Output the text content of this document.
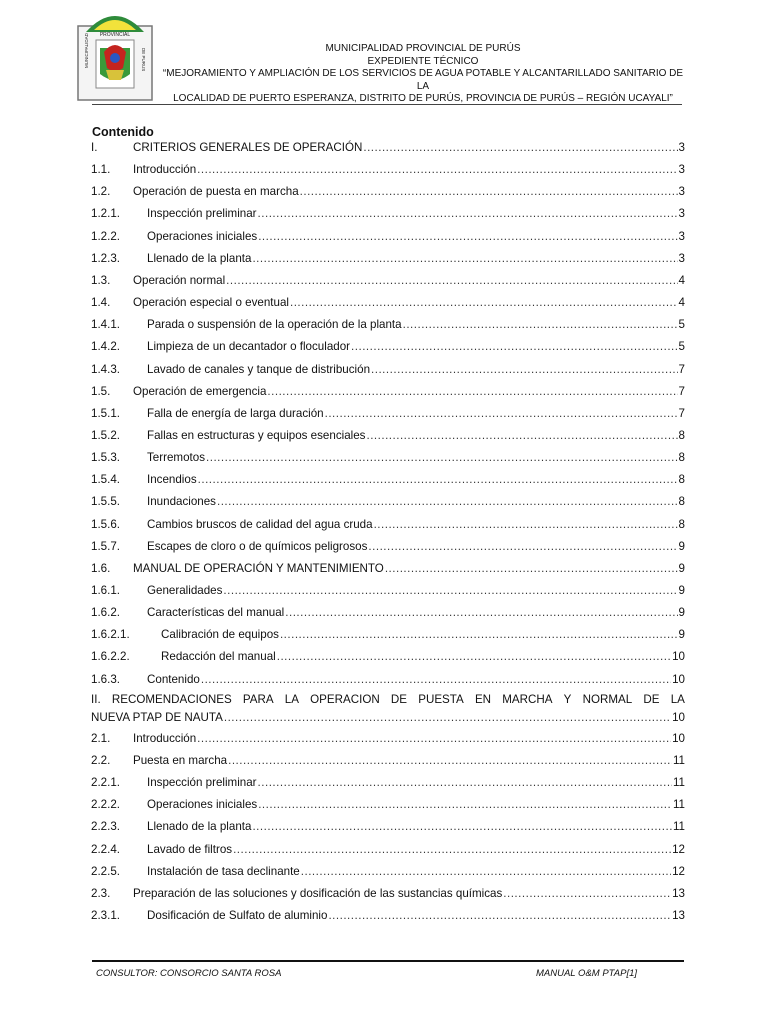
PROVINCIAL
MUNICIPALIDAD	DE PURUS	MUNICIPALIDAD PROVINCIAL DE PURÚS
EXPEDIENTE TÉCNICO
“MEJORAMIENTO Y AMPLIACIÓN DE LOS SERVICIOS DE AGUA POTABLE Y ALCANTARILLADO SANITARIO DE LA
LOCALIDAD DE PUERTO ESPERANZA, DISTRITO DE PURÚS, PROVINCIA DE PURÚS – REGIÓN UCAYALI”
Contenido
I.	CRITERIOS GENERALES DE OPERACIÓN .....	3
1.1.	Introducción .....	3
1.2.	Operación de puesta en marcha .....	3
1.2.1.	Inspección preliminar .....	3
1.2.2.	Operaciones iniciales .....	3
1.2.3.	Llenado de la planta .....	3
1.3.	Operación normal .....	4
1.4.	Operación especial o eventual .....	4
1.4.1.	Parada o suspensión de la operación de la planta .....	5
1.4.2.	Limpieza de un decantador o floculador .....	5
1.4.3.	Lavado de canales y tanque de distribución .....	7
1.5.	Operación de emergencia .....	7
1.5.1.	Falla de energía de larga duración .....	7
1.5.2.	Fallas en estructuras y equipos esenciales .....	8
1.5.3.	Terremotos .....	8
1.5.4.	Incendios .....	8
1.5.5.	Inundaciones .....	8
1.5.6.	Cambios bruscos de calidad del agua cruda .....	8
1.5.7.	Escapes de cloro o de químicos peligrosos .....	9
1.6.	MANUAL DE OPERACIÓN Y MANTENIMIENTO .....	9
1.6.1.	Generalidades .....	9
1.6.2.	Características del manual .....	9
1.6.2.1.	Calibración de equipos .....	9
1.6.2.2.	Redacción del manual .....	10
1.6.3.	Contenido .....	10
II. RECOMENDACIONES PARA LA OPERACION DE PUESTA EN MARCHA Y NORMAL DE LA
NUEVA PTAP DE NAUTA .....	10
2.1.	Introducción .....	10
2.2.	Puesta en marcha .....	11
2.2.1.	Inspección preliminar .....	11
2.2.2.	Operaciones iniciales .....	11
2.2.3.	Llenado de la planta .....	11
2.2.4.	Lavado de filtros .....	12
2.2.5.	Instalación de tasa declinante .....	12
2.3.	Preparación de las soluciones y dosificación de las sustancias químicas .....	13
2.3.1.	Dosificación de Sulfato de aluminio .....	13
CONSULTOR: CONSORCIO SANTA ROSA	MANUAL O&M PTAP[1]
